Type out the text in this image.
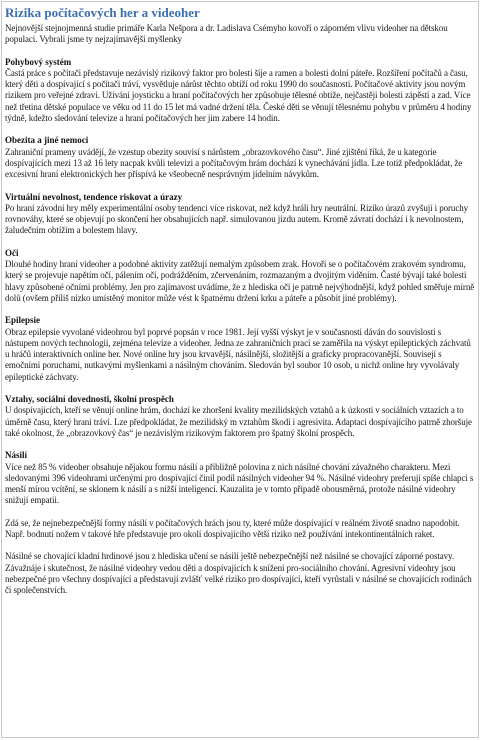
Rizika počítačových her a videoher

Nejnovější stejnojmenná studie primáře Karla Nešpora a dr. Ladislava Csémyho kovoří o záporném vlivu videoher na dětskou populaci. Vybrali jsme ty nejzajímavější myšlenky

Pohybový systém

Častá práce s počítači představuje nezávislý rizikový faktor pro bolesti šíje a ramen a bolesti dolní páteře. Rozšíření počítačů a času, který děti a dospívající s počítači tráví, vysvětluje nárůst těchto obtíží od roku 1990 do současnosti. Počítačové aktivity jsou novým rizikem pro veřejné zdraví. Užívání joysticku a hraní počítačových her způsobuje tělesné obtíže, nejčastěji bolesti zápěstí a zad. Více než třetina dětské populace ve věku od 11 do 15 let má vadné držení těla. České děti se věnují tělesnému pohybu v průměru 4 hodiny týdně, kdežto sledování televize a hraní počítačových her jim zabere 14 hodin.

Obezita a jiné nemoci

Zahraniční prameny uvádějí, že vzestup obezity souvisí s nárůstem „obrazovkového času“. Jiné zjištění říká, že u kategorie dospívajících mezi 13 až 16 lety nacpak kvůli televizi a počítačovým hrám dochází k vynechávání jídla. Lze totiž předpokládat, že excesivní hraní elektronických her přispívá ke všeobecně nesprávným jídelním návykům.

Virtuální nevolnost, tendence riskovat a úrazy

Po hraní závodní hry měly experimentální osoby tendenci více riskovat, než když hráli hry neutrální. Riziko úrazů zvyšují i poruchy rovnováhy, které se objevují po skončení her obsahujících např. simulovanou jízdu autem. Kromě závratí dochází i k nevolnostem, žaludečním obtížím a bolestem hlavy.

Oči

Dlouhé hodiny hraní videoher a podobné aktivity zatěžují nemalým způsobem zrak. Hovoří se o počítačovém zrakovém syndromu, který se projevuje napětím očí, pálením očí, podrážděním, zčervenáním, rozmazaným a dvojitým viděním. Časté bývají také bolesti hlavy způsobené očními problémy. Jen pro zajímavost uvádíme, že z hlediska očí je patrně nejvýhodnější, když pohled směřuje mírně dolů (ovšem příliš nízko umístěný monitor může vést k špatnému držení krku a páteře a působit jiné problémy).

Epilepsie

Obraz epilepsie vyvolané videohrou byl poprvé popsán v roce 1981. Její vyšší výskyt je v současnosti dáván do souvislosti s nástupem nových technologií, zejména televize a videoher. Jedna ze zahraničních prací se zaměřila na výskyt epileptických záchvatů u hráčů interaktivních online her. Nové online hry jsou krvavější, násilnější, složitější a graficky propracovanější. Souvisejí s emočními poruchami, nutkavými myšlenkami a násilným chováním. Sledován byl soubor 10 osob, u nichž online hry vyvolávaly epileptické záchvaty.

Vztahy, sociální dovednosti, školní prospěch

U dospívajících, kteří se věnují online hrám, dochází ke zhoršení kvality mezilidských vztahů a k úzkosti v sociálních vztazích a to úměrně času, který hraní tráví. Lze předpokládat, že mezilidský m vztahům škodí i agresivita. Adaptaci dospívajícího patrně zhoršuje také okolnost, že „obrazovkový čas“ je nezávislým rizikovým faktorem pro špatný školní prospěch.

Násilí

Více než 85 % videoher obsahuje nějakou formu násilí a přibližně polovina z nich násilné chování závažného charakteru. Mezi sledovanými 396 videohrami určenými pro dospívající činil podíl násilných videoher 94 %. Násilné videohry preferují spíše chlapci s menší mírou vcítění, se sklonem k násilí a s nižší inteligencí. Kauzalita je v tomto případě obousměrná, protože násilné videohry snižují empatii.

Zdá se, že nejnebezpečnější formy násilí v počítačových hrách jsou ty, které může dospívající v reálném životě snadno napodobit. Např. bodnutí nožem v takové hře představuje pro okolí dospívajícího větší riziko než používání intekontinentálních raket.

Násilné se chovající kladní hrdinové jsou z hlediska učení se násilí ještě nebezpečnější než násilné se chovající záporné postavy. Závažnáje i skutečnost, že násilné videohry vedou děti a dospívajících k snížení pro-sociálního chování. Agresivní videohry jsou nebezpečné pro všechny dospívající a představují zvlášť velké riziko pro dospívající, kteří vyrůstali v násilné se chovajících rodinách či společenstvích.
